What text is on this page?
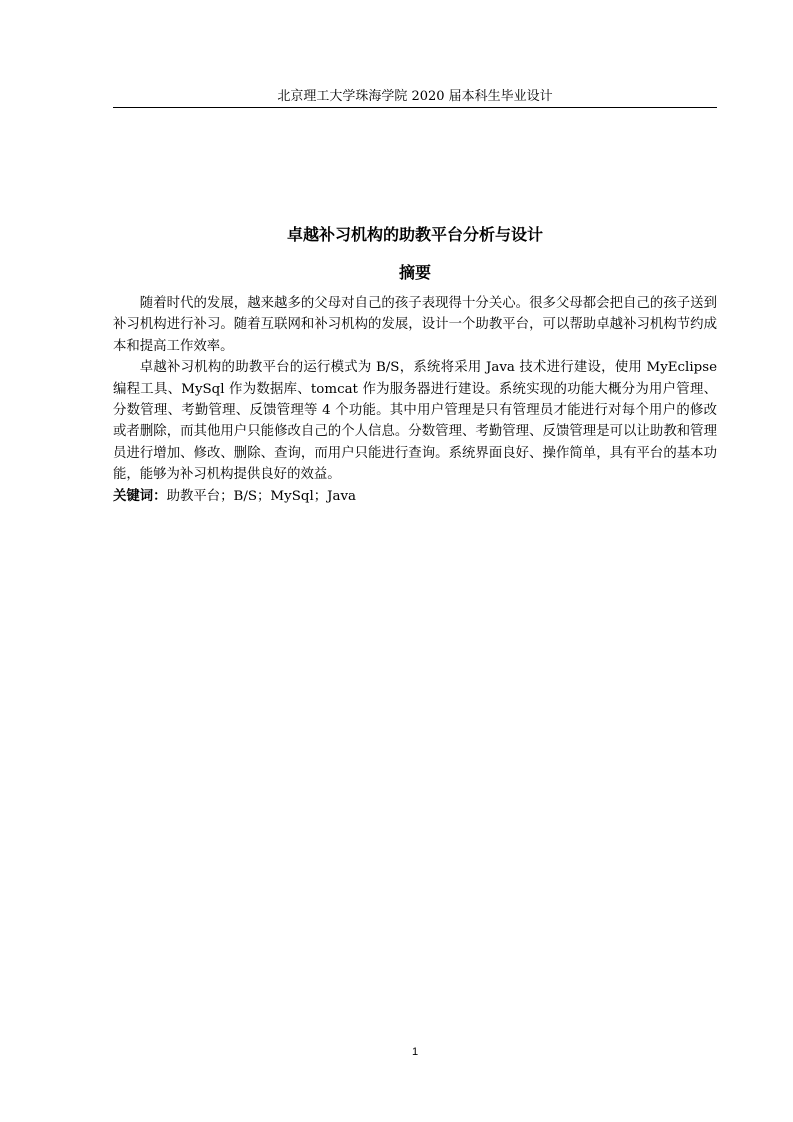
北京理工大学珠海学院 2020 届本科生毕业设计
卓越补习机构的助教平台分析与设计
摘要

随着时代的发展，越来越多的父母对自己的孩子表现得十分关心。很多父母都会把自己的孩子送到补习机构进行补习。随着互联网和补习机构的发展，设计一个助教平台，可以帮助卓越补习机构节约成本和提高工作效率。

卓越补习机构的助教平台的运行模式为 B/S，系统将采用 Java 技术进行建设，使用 MyEclipse 编程工具、MySql 作为数据库、tomcat 作为服务器进行建设。系统实现的功能大概分为用户管理、分数管理、考勤管理、反馈管理等 4 个功能。其中用户管理是只有管理员才能进行对每个用户的修改或者删除，而其他用户只能修改自己的个人信息。分数管理、考勤管理、反馈管理是可以让助教和管理员进行增加、修改、删除、查询，而用户只能进行查询。系统界面良好、操作简单，具有平台的基本功能，能够为补习机构提供良好的效益。

关键词：助教平台；B/S；MySql；Java

1
